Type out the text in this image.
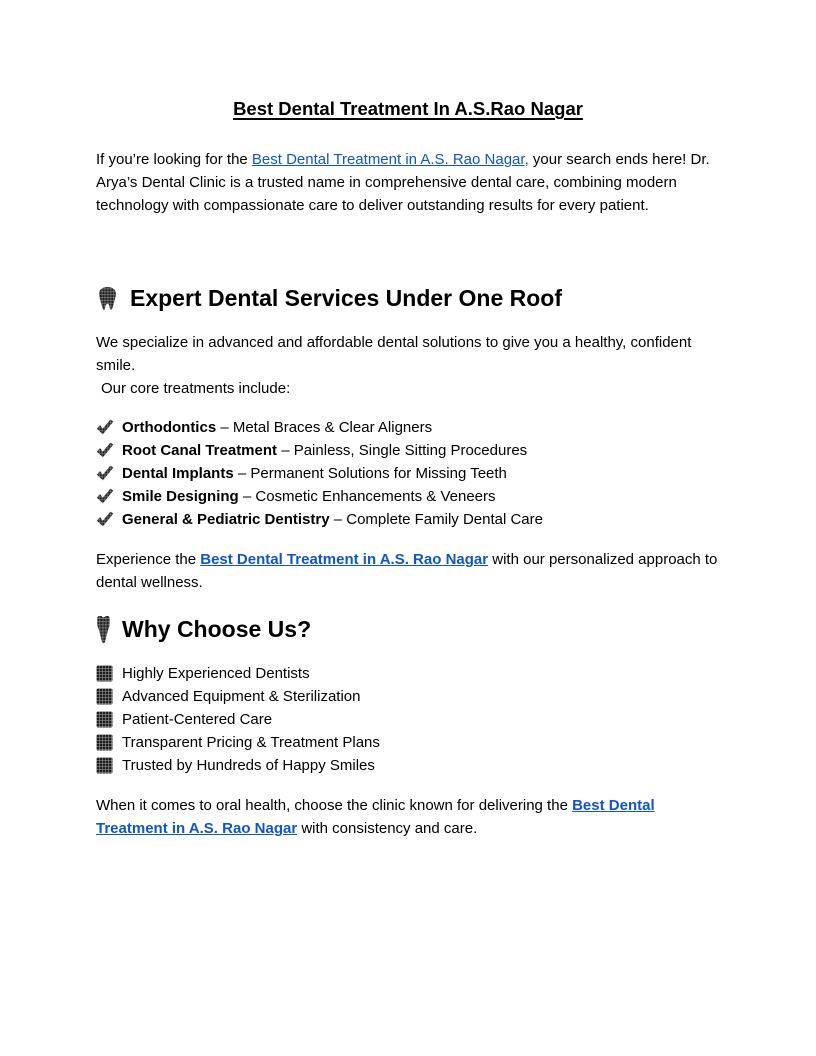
Best Dental Treatment In A.S.Rao Nagar
If you’re looking for the Best Dental Treatment in A.S. Rao Nagar, your search ends here! Dr. Arya’s Dental Clinic is a trusted name in comprehensive dental care, combining modern technology with compassionate care to deliver outstanding results for every patient.
Expert Dental Services Under One Roof
We specialize in advanced and affordable dental solutions to give you a healthy, confident smile.
Our core treatments include:
Orthodontics – Metal Braces & Clear Aligners
Root Canal Treatment – Painless, Single Sitting Procedures
Dental Implants – Permanent Solutions for Missing Teeth
Smile Designing – Cosmetic Enhancements & Veneers
General & Pediatric Dentistry – Complete Family Dental Care
Experience the Best Dental Treatment in A.S. Rao Nagar with our personalized approach to dental wellness.
Why Choose Us?
Highly Experienced Dentists
Advanced Equipment & Sterilization
Patient-Centered Care
Transparent Pricing & Treatment Plans
Trusted by Hundreds of Happy Smiles
When it comes to oral health, choose the clinic known for delivering the Best Dental Treatment in A.S. Rao Nagar with consistency and care.
